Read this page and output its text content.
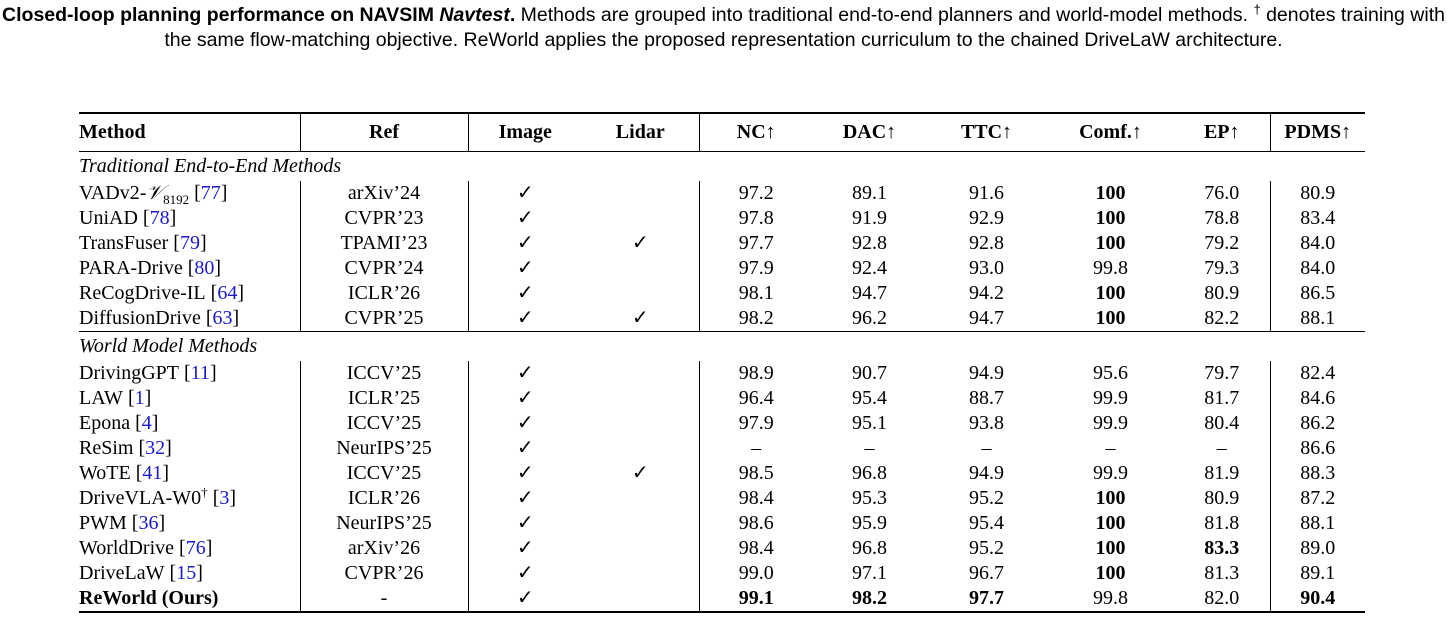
Closed-loop planning performance on NAVSIM Navtest. Methods are grouped into traditional end-to-end planners and world-model methods. † denotes training with the same flow-matching objective. ReWorld applies the proposed representation curriculum to the chained DriveLaW architecture.
Method	Ref	Image	Lidar	NC↑	DAC↑	TTC↑	Comf.↑	EP↑	PDMS↑
Traditional End-to-End Methods									
VADv2-𝒱$_{8192}$ [77]	arXiv’24	✓		97.2	89.1	91.6	100	76.0	80.9
UniAD [78]	CVPR’23	✓		97.8	91.9	92.9	100	78.8	83.4
TransFuser [79]	TPAMI’23	✓	✓	97.7	92.8	92.8	100	79.2	84.0
PARA-Drive [80]	CVPR’24	✓		97.9	92.4	93.0	99.8	79.3	84.0
ReCogDrive-IL [64]	ICLR’26	✓		98.1	94.7	94.2	100	80.9	86.5
DiffusionDrive [63]	CVPR’25	✓	✓	98.2	96.2	94.7	100	82.2	88.1
World Model Methods									
DrivingGPT [11]	ICCV’25	✓		98.9	90.7	94.9	95.6	79.7	82.4
LAW [1]	ICLR’25	✓		96.4	95.4	88.7	99.9	81.7	84.6
Epona [4]	ICCV’25	✓		97.9	95.1	93.8	99.9	80.4	86.2
ReSim [32]	NeurIPS’25	✓		–	–	–	–	–	86.6
WoTE [41]	ICCV’25	✓	✓	98.5	96.8	94.9	99.9	81.9	88.3
DriveVLA-W0† [3]	ICLR’26	✓		98.4	95.3	95.2	100	80.9	87.2
PWM [36]	NeurIPS’25	✓		98.6	95.9	95.4	100	81.8	88.1
WorldDrive [76]	arXiv’26	✓		98.4	96.8	95.2	100	83.3	89.0
DriveLaW [15]	CVPR’26	✓		99.0	97.1	96.7	100	81.3	89.1
ReWorld (Ours)	-	✓		99.1	98.2	97.7	99.8	82.0	90.4
